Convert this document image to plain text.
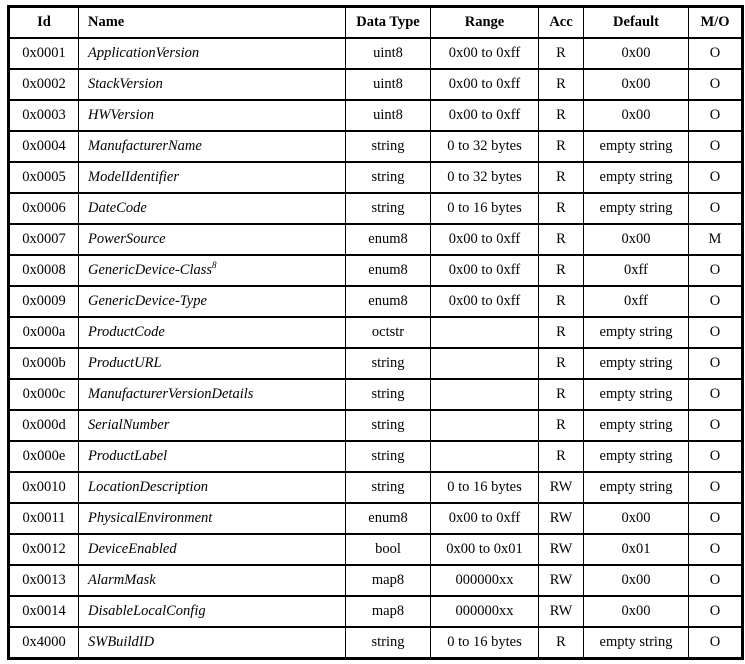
Id	Name	Data Type	Range	Acc	Default	M/O
0x0001	ApplicationVersion	uint8	0x00 to 0xff	R	0x00	O
0x0002	StackVersion	uint8	0x00 to 0xff	R	0x00	O
0x0003	HWVersion	uint8	0x00 to 0xff	R	0x00	O
0x0004	ManufacturerName	string	0 to 32 bytes	R	empty string	O
0x0005	ModelIdentifier	string	0 to 32 bytes	R	empty string	O
0x0006	DateCode	string	0 to 16 bytes	R	empty string	O
0x0007	PowerSource	enum8	0x00 to 0xff	R	0x00	M
0x0008	GenericDevice-Class$^8$	enum8	0x00 to 0xff	R	0xff	O
0x0009	GenericDevice-Type	enum8	0x00 to 0xff	R	0xff	O
0x000a	ProductCode	octstr		R	empty string	O
0x000b	ProductURL	string		R	empty string	O
0x000c	ManufacturerVersionDetails	string		R	empty string	O
0x000d	SerialNumber	string		R	empty string	O
0x000e	ProductLabel	string		R	empty string	O
0x0010	LocationDescription	string	0 to 16 bytes	RW	empty string	O
0x0011	PhysicalEnvironment	enum8	0x00 to 0xff	RW	0x00	O
0x0012	DeviceEnabled	bool	0x00 to 0x01	RW	0x01	O
0x0013	AlarmMask	map8	000000xx	RW	0x00	O
0x0014	DisableLocalConfig	map8	000000xx	RW	0x00	O
0x4000	SWBuildID	string	0 to 16 bytes	R	empty string	O
